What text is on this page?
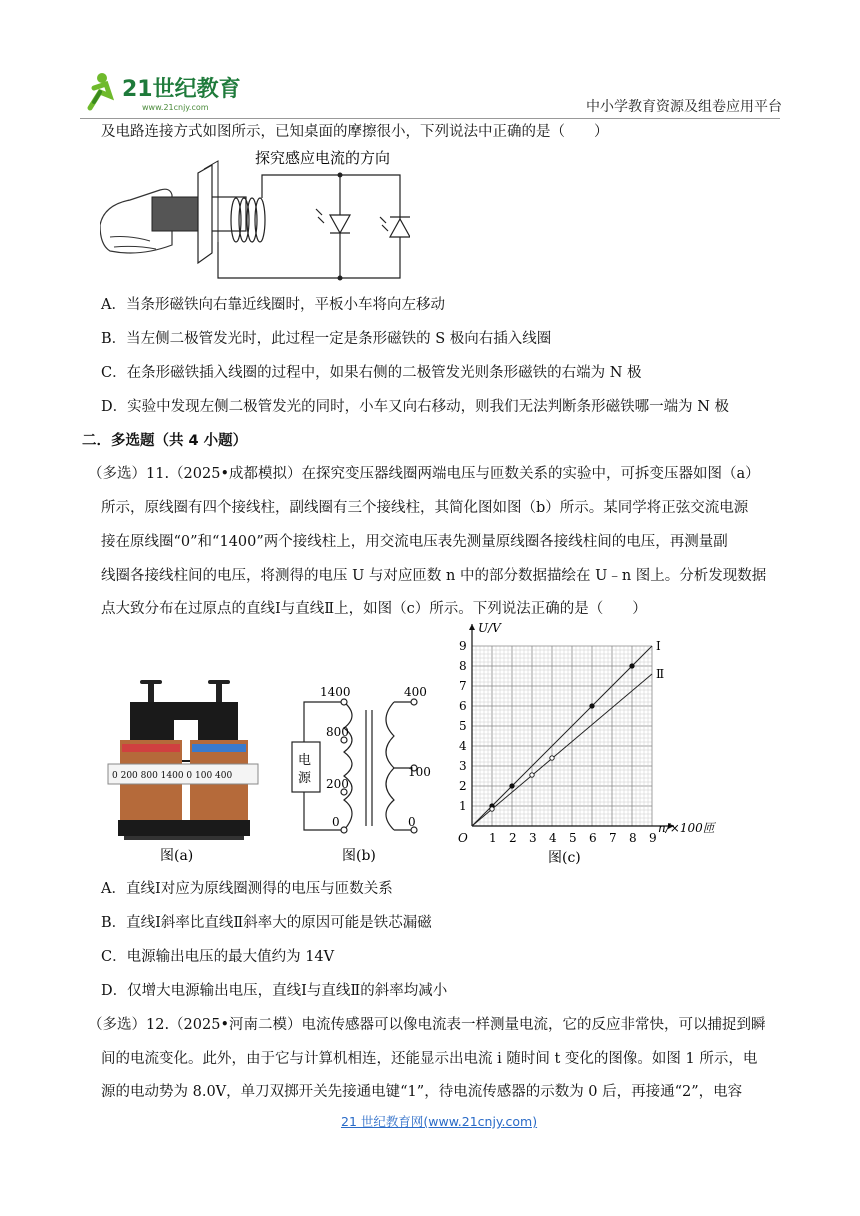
21世纪教育
www.21cnjy.com	中小学教育资源及组卷应用平台
及电路连接方式如图所示，已知桌面的摩擦很小，下列说法中正确的是（　　）
探究感应电流的方向
A．当条形磁铁向右靠近线圈时，平板小车将向左移动
B．当左侧二极管发光时，此过程一定是条形磁铁的 S 极向右插入线圈
C．在条形磁铁插入线圈的过程中，如果右侧的二极管发光则条形磁铁的右端为 N 极
D．实验中发现左侧二极管发光的同时，小车又向右移动，则我们无法判断条形磁铁哪一端为 N 极
二．多选题（共 4 小题）
（多选）11.（2025•成都模拟）在探究变压器线圈两端电压与匝数关系的实验中，可拆变压器如图（a）
所示，原线圈有四个接线柱，副线圈有三个接线柱，其简化图如图（b）所示。某同学将正弦交流电源
接在原线圈“0”和“1400”两个接线柱上，用交流电压表先测量原线圈各接线柱间的电压，再测量副
线圈各接线柱间的电压，将测得的电压 U 与对应匝数 n 中的部分数据描绘在 U﹣n 图上。分析发现数据
点大致分布在过原点的直线Ⅰ与直线Ⅱ上，如图（c）所示。下列说法正确的是（　　）
0 200 800 1400 0 100 400
图(a)
电
源
1400
800
200
0
400
100
0
图(b)
1 2 3 4 5 6 7 8 9
1
2
3
4
5
6
7
8
9
O
U/V
n/×100匝
Ⅰ
Ⅱ
图(c)
A．直线Ⅰ对应为原线圈测得的电压与匝数关系
B．直线Ⅰ斜率比直线Ⅱ斜率大的原因可能是铁芯漏磁
C．电源输出电压的最大值约为 14V
D．仅增大电源输出电压，直线Ⅰ与直线Ⅱ的斜率均减小
（多选）12.（2025•河南二模）电流传感器可以像电流表一样测量电流，它的反应非常快，可以捕捉到瞬
间的电流变化。此外，由于它与计算机相连，还能显示出电流 i 随时间 t 变化的图像。如图 1 所示，电
源的电动势为 8.0V，单刀双掷开关先接通电键“1”，待电流传感器的示数为 0 后，再接通“2”，电容
21 世纪教育网(www.21cnjy.com)
